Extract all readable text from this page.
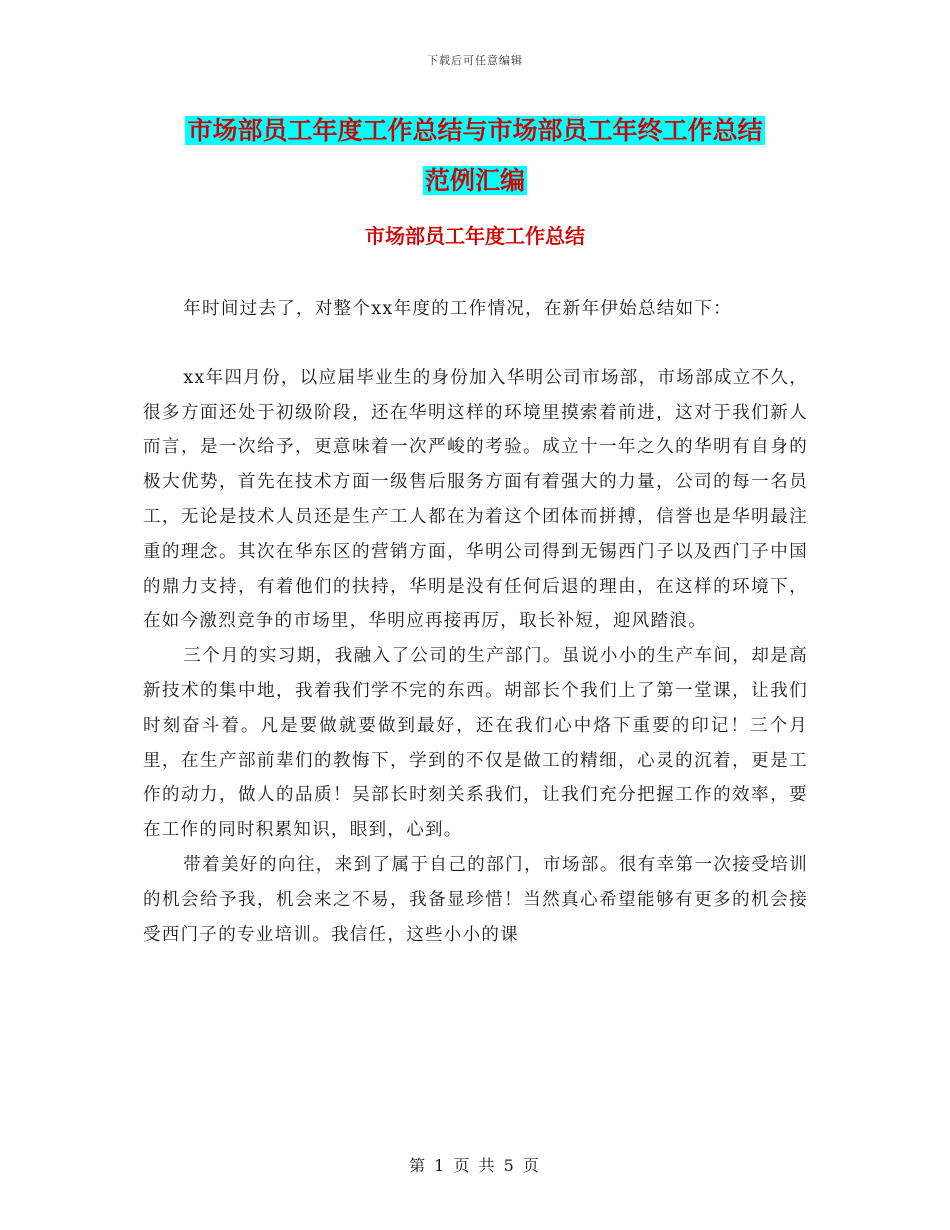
下载后可任意编辑
市场部员工年度工作总结与市场部员工年终工作总结
范例汇编
市场部员工年度工作总结

年时间过去了，对整个xx年度的工作情况，在新年伊始总结如下：

xx年四月份，以应届毕业生的身份加入华明公司市场部，市场部成立不久，很多方面还处于初级阶段，还在华明这样的环境里摸索着前进，这对于我们新人而言，是一次给予，更意味着一次严峻的考验。成立十一年之久的华明有自身的极大优势，首先在技术方面一级售后服务方面有着强大的力量，公司的每一名员工，无论是技术人员还是生产工人都在为着这个团体而拼搏，信誉也是华明最注重的理念。其次在华东区的营销方面，华明公司得到无锡西门子以及西门子中国的鼎力支持，有着他们的扶持，华明是没有任何后退的理由，在这样的环境下，在如今激烈竞争的市场里，华明应再接再厉，取长补短，迎风踏浪。

三个月的实习期，我融入了公司的生产部门。虽说小小的生产车间，却是高新技术的集中地，我着我们学不完的东西。胡部长个我们上了第一堂课，让我们时刻奋斗着。凡是要做就要做到最好，还在我们心中烙下重要的印记！三个月里，在生产部前辈们的教悔下，学到的不仅是做工的精细，心灵的沉着，更是工作的动力，做人的品质！吴部长时刻关系我们，让我们充分把握工作的效率，要在工作的同时积累知识，眼到，心到。

带着美好的向往，来到了属于自己的部门，市场部。很有幸第一次接受培训的机会给予我，机会来之不易，我备显珍惜！当然真心希望能够有更多的机会接受西门子的专业培训。我信任，这些小小的课

第 1 页 共 5 页
